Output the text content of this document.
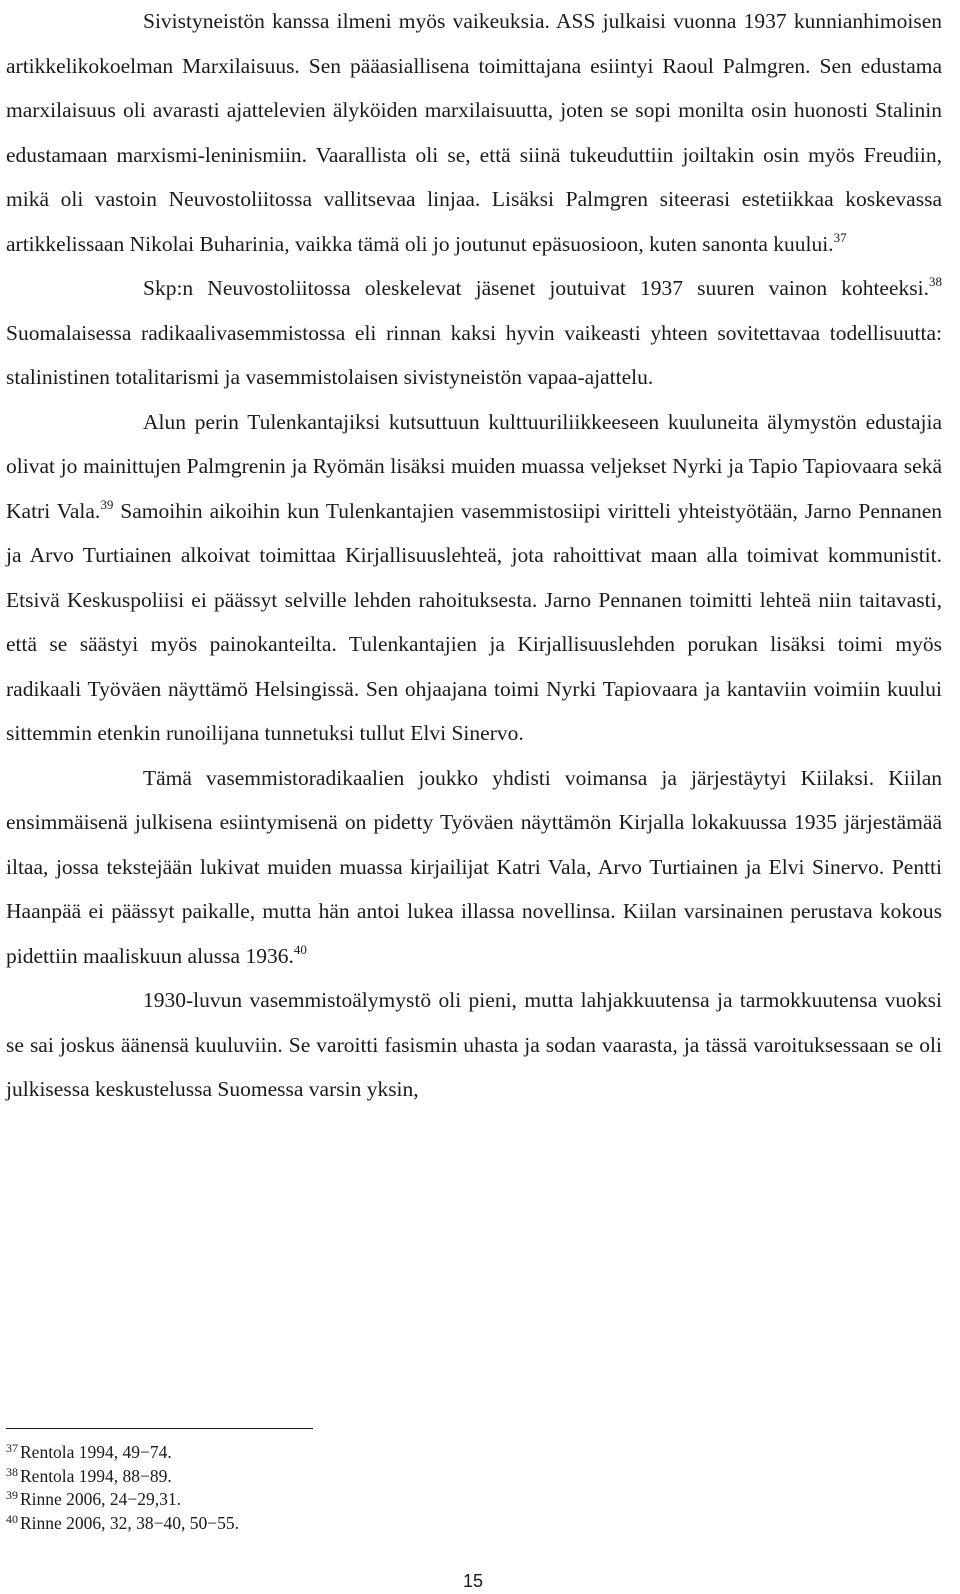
Sivistyneistön kanssa ilmeni myös vaikeuksia. ASS julkaisi vuonna 1937 kunnianhimoisen artikkelikokoelman Marxilaisuus. Sen pääasiallisena toimittajana esiintyi Raoul Palmgren. Sen edustama marxilaisuus oli avarasti ajattelevien älyköiden marxilaisuutta, joten se sopi monilta osin huonosti Stalinin edustamaan marxismi-leninismiin. Vaarallista oli se, että siinä tukeuduttiin joiltakin osin myös Freudiin, mikä oli vastoin Neuvostoliitossa vallitsevaa linjaa. Lisäksi Palmgren siteerasi estetiikkaa koskevassa artikkelissaan Nikolai Buharinia, vaikka tämä oli jo joutunut epäsuosioon, kuten sanonta kuului.$^{37}$

Skp:n Neuvostoliitossa oleskelevat jäsenet joutuivat 1937 suuren vainon kohteeksi.$^{38}$ Suomalaisessa radikaalivasemmistossa eli rinnan kaksi hyvin vaikeasti yhteen sovitettavaa todellisuutta: stalinistinen totalitarismi ja vasemmistolaisen sivistyneistön vapaa-ajattelu.

Alun perin Tulenkantajiksi kutsuttuun kulttuuriliikkeeseen kuuluneita älymystön edustajia olivat jo mainittujen Palmgrenin ja Ryömän lisäksi muiden muassa veljekset Nyrki ja Tapio Tapiovaara sekä Katri Vala.$^{39}$ Samoihin aikoihin kun Tulenkantajien vasemmistosiipi viritteli yhteistyötään, Jarno Pennanen ja Arvo Turtiainen alkoivat toimittaa Kirjallisuuslehteä, jota rahoittivat maan alla toimivat kommunistit. Etsivä Keskuspoliisi ei päässyt selville lehden rahoituksesta. Jarno Pennanen toimitti lehteä niin taitavasti, että se säästyi myös painokanteilta. Tulenkantajien ja Kirjallisuuslehden porukan lisäksi toimi myös radikaali Työväen näyttämö Helsingissä. Sen ohjaajana toimi Nyrki Tapiovaara ja kantaviin voimiin kuului sittemmin etenkin runoilijana tunnetuksi tullut Elvi Sinervo.

Tämä vasemmistoradikaalien joukko yhdisti voimansa ja järjestäytyi Kiilaksi. Kiilan ensimmäisenä julkisena esiintymisenä on pidetty Työväen näyttämön Kirjalla lokakuussa 1935 järjestämää iltaa, jossa tekstejään lukivat muiden muassa kirjailijat Katri Vala, Arvo Turtiainen ja Elvi Sinervo. Pentti Haanpää ei päässyt paikalle, mutta hän antoi lukea illassa novellinsa. Kiilan varsinainen perustava kokous pidettiin maaliskuun alussa 1936.40

1930-luvun vasemmistoälymystö oli pieni, mutta lahjakkuutensa ja tarmokkuutensa vuoksi se sai joskus äänensä kuuluviin. Se varoitti fasismin uhasta ja sodan vaarasta, ja tässä varoituksessaan se oli julkisessa keskustelussa Suomessa varsin yksin,

$^{37}$ Rentola 1994, 49−74.

$^{38}$ Rentola 1994, 88−89.

$^{39}$ Rinne 2006, 24−29,31.

$^{40}$ Rinne 2006, 32, 38−40, 50−55.

15
